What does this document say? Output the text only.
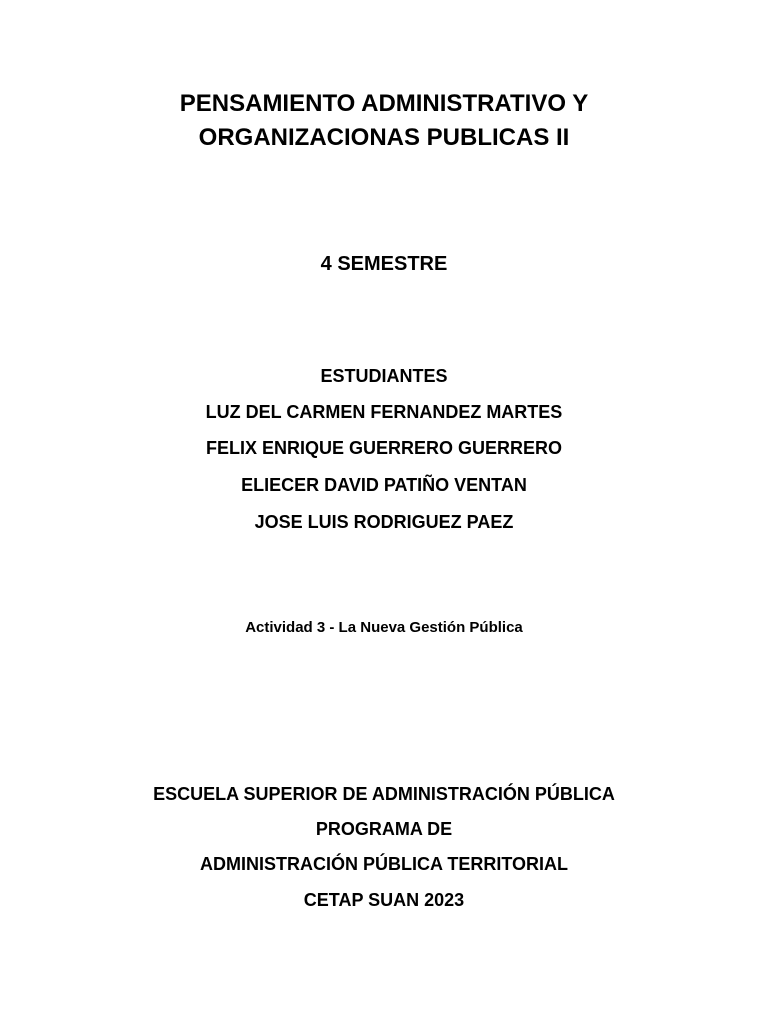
PENSAMIENTO ADMINISTRATIVO Y
ORGANIZACIONAS PUBLICAS II
4 SEMESTRE
ESTUDIANTES
LUZ DEL CARMEN FERNANDEZ MARTES
FELIX ENRIQUE GUERRERO GUERRERO
ELIECER DAVID PATIÑO VENTAN
JOSE LUIS RODRIGUEZ PAEZ
Actividad 3 - La Nueva Gestión Pública
ESCUELA SUPERIOR DE ADMINISTRACIÓN PÚBLICA
PROGRAMA DE
ADMINISTRACIÓN PÚBLICA TERRITORIAL
CETAP SUAN 2023
